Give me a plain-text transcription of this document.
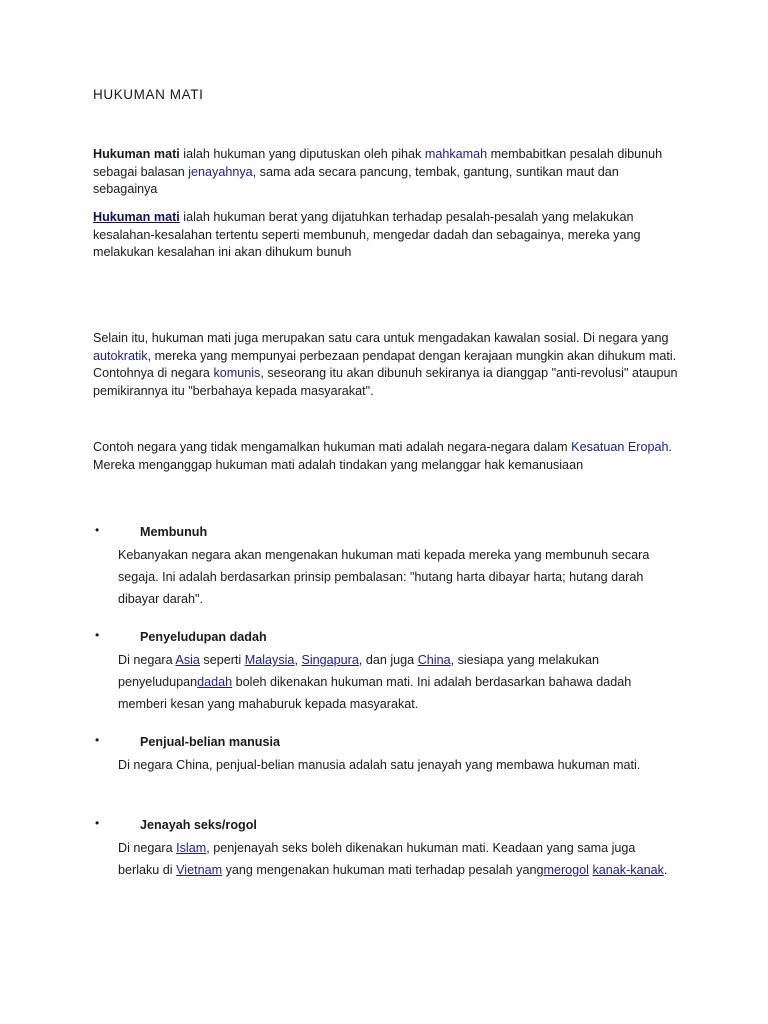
HUKUMAN MATI

Hukuman mati ialah hukuman yang diputuskan oleh pihak mahkamah membabitkan pesalah dibunuh sebagai balasan jenayahnya, sama ada secara pancung, tembak, gantung, suntikan maut dan sebagainya

Hukuman mati ialah hukuman berat yang dijatuhkan terhadap pesalah-pesalah yang melakukan kesalahan-kesalahan tertentu seperti membunuh, mengedar dadah dan sebagainya, mereka yang melakukan kesalahan ini akan dihukum bunuh

Selain itu, hukuman mati juga merupakan satu cara untuk mengadakan kawalan sosial. Di negara yang autokratik, mereka yang mempunyai perbezaan pendapat dengan kerajaan mungkin akan dihukum mati. Contohnya di negara komunis, seseorang itu akan dibunuh sekiranya ia dianggap "anti-revolusi" ataupun pemikirannya itu "berbahaya kepada masyarakat".

Contoh negara yang tidak mengamalkan hukuman mati adalah negara-negara dalam Kesatuan Eropah. Mereka menganggap hukuman mati adalah tindakan yang melanggar hak kemanusiaan

•	Membunuh
Kebanyakan negara akan mengenakan hukuman mati kepada mereka yang membunuh secara segaja. Ini adalah berdasarkan prinsip pembalasan: "hutang harta dibayar harta; hutang darah dibayar darah".
•	Penyeludupan dadah
Di negara Asia seperti Malaysia, Singapura, dan juga China, siesiapa yang melakukan penyeludupandadah boleh dikenakan hukuman mati. Ini adalah berdasarkan bahawa dadah memberi kesan yang mahaburuk kepada masyarakat.
•	Penjual-belian manusia
Di negara China, penjual-belian manusia adalah satu jenayah yang membawa hukuman mati.
•	Jenayah seks/rogol
Di negara Islam, penjenayah seks boleh dikenakan hukuman mati. Keadaan yang sama juga berlaku di Vietnam yang mengenakan hukuman mati terhadap pesalah yangmerogol kanak-kanak.
